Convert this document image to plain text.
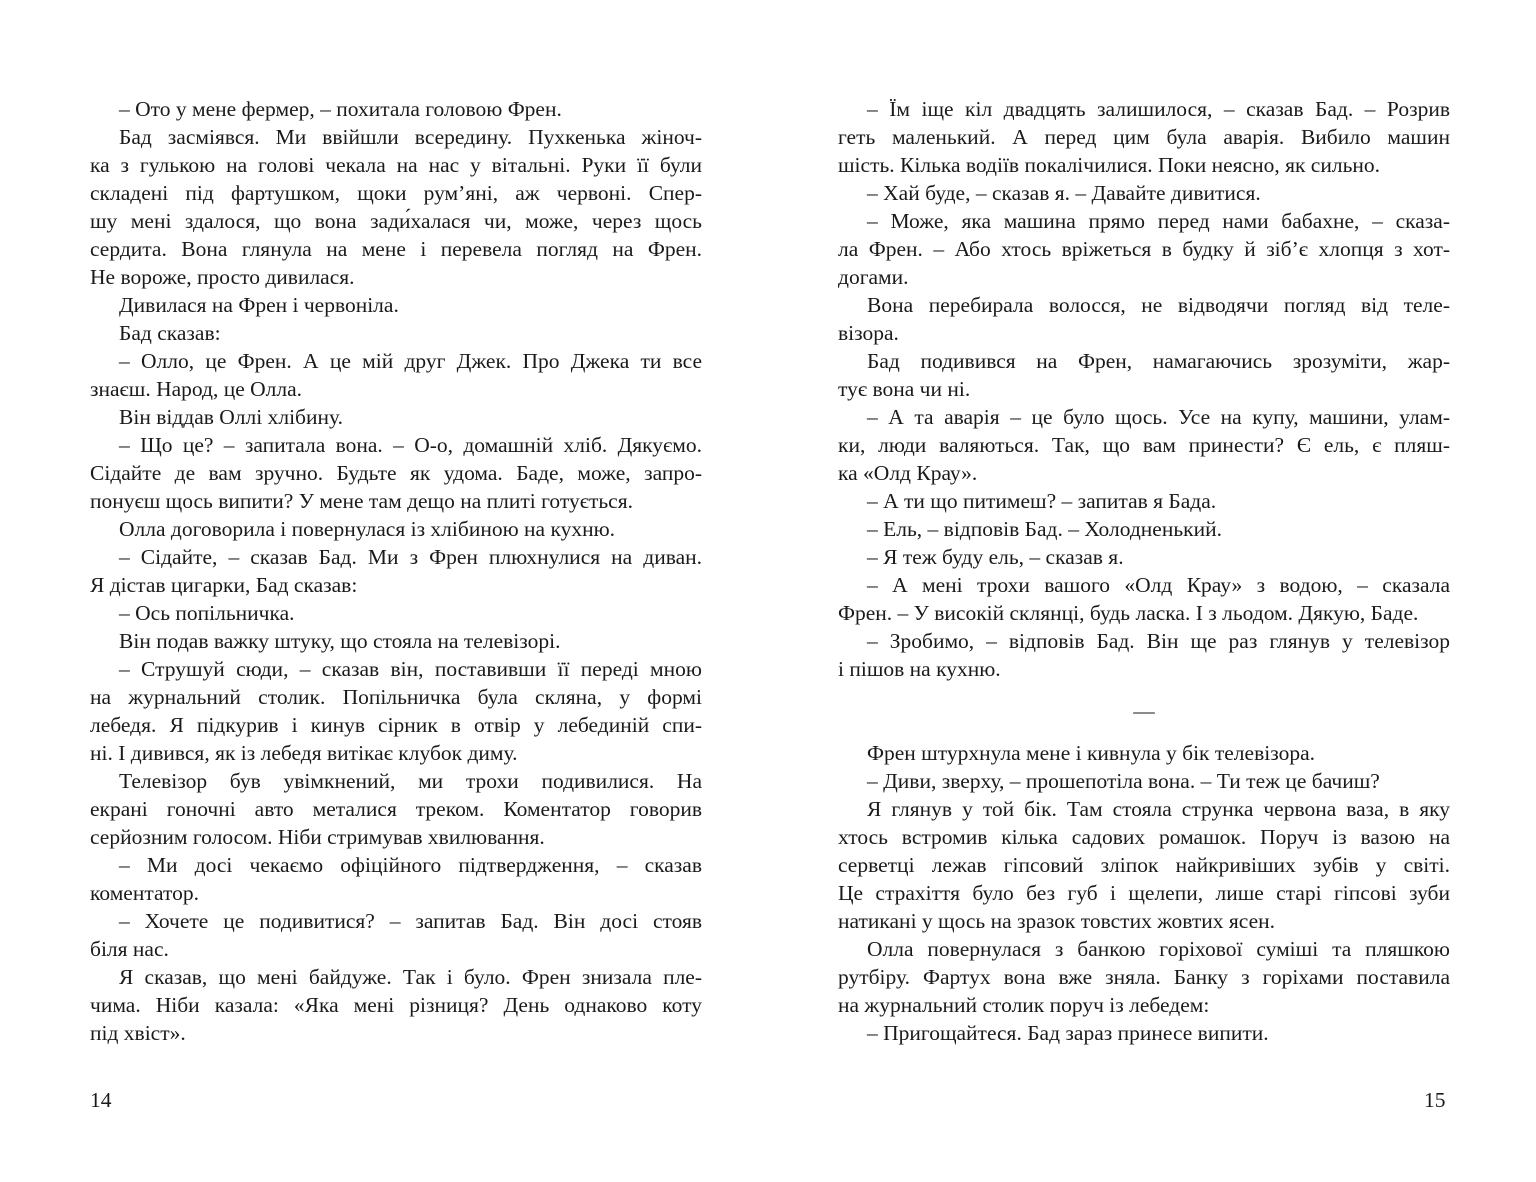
– Ото у мене фермер, – похитала головою Френ.
Бад засміявся. Ми ввійшли всередину. Пухкенька жіноч-
ка з гулькою на голові чекала на нас у вітальні. Руки її були
складені під фартушком, щоки рум’яні, аж червоні. Спер-
шу мені здалося, що вона зади́халася чи, може, через щось
сердита. Вона глянула на мене і перевела погляд на Френ.
Не вороже, просто дивилася.
Дивилася на Френ і червоніла.
Бад сказав:
– Олло, це Френ. А це мій друг Джек. Про Джека ти все
знаєш. Народ, це Олла.
Він віддав Оллі хлібину.
– Що це? – запитала вона. – О-о, домашній хліб. Дякуємо.
Сідайте де вам зручно. Будьте як удома. Баде, може, запро-
понуєш щось випити? У мене там дещо на плиті готується.
Олла договорила і повернулася із хлібиною на кухню.
– Сідайте, – сказав Бад. Ми з Френ плюхнулися на диван.
Я дістав цигарки, Бад сказав:
– Ось попільничка.
Він подав важку штуку, що стояла на телевізорі.
– Струшуй сюди, – сказав він, поставивши її переді мною
на журнальний столик. Попільничка була скляна, у формі
лебедя. Я підкурив і кинув сірник в отвір у лебединій спи-
ні. І дивився, як із лебедя витікає клубок диму.
Телевізор був увімкнений, ми трохи подивилися. На
екрані гоночні авто металися треком. Коментатор говорив
серйозним голосом. Ніби стримував хвилювання.
– Ми досі чекаємо офіційного підтвердження, – сказав
коментатор.
– Хочете це подивитися? – запитав Бад. Він досі стояв
біля нас.
Я сказав, що мені байдуже. Так і було. Френ знизала пле-
чима. Ніби казала: «Яка мені різниця? День однаково коту
під хвіст».
– Їм іще кіл двадцять залишилося, – сказав Бад. – Розрив
геть маленький. А перед цим була аварія. Вибило машин
шість. Кілька водіїв покалічилися. Поки неясно, як сильно.
– Хай буде, – сказав я. – Давайте дивитися.
– Може, яка машина прямо перед нами бабахне, – сказа-
ла Френ. – Або хтось вріжеться в будку й зіб’є хлопця з хот-
догами.
Вона перебирала волосся, не відводячи погляд від теле-
візора.
Бад подивився на Френ, намагаючись зрозуміти, жар-
тує вона чи ні.
– А та аварія – це було щось. Усе на купу, машини, улам-
ки, люди валяються. Так, що вам принести? Є ель, є пляш-
ка «Олд Крау».
– А ти що питимеш? – запитав я Бада.
– Ель, – відповів Бад. – Холодненький.
– Я теж буду ель, – сказав я.
– А мені трохи вашого «Олд Крау» з водою, – сказала
Френ. – У високій склянці, будь ласка. І з льодом. Дякую, Баде.
– Зробимо, – відповів Бад. Він ще раз глянув у телевізор
і пішов на кухню.
—
Френ штурхнула мене і кивнула у бік телевізора.
– Диви, зверху, – прошепотіла вона. – Ти теж це бачиш?
Я глянув у той бік. Там стояла струнка червона ваза, в яку
хтось встромив кілька садових ромашок. Поруч із вазою на
серветці лежав гіпсовий зліпок найкривіших зубів у світі.
Це страхіття було без губ і щелепи, лише старі гіпсові зуби
натикані у щось на зразок товстих жовтих ясен.
Олла повернулася з банкою горіхової суміші та пляшкою
рутбіру. Фартух вона вже зняла. Банку з горіхами поставила
на журнальний столик поруч із лебедем:
– Пригощайтеся. Бад зараз принесе випити.
14	15
